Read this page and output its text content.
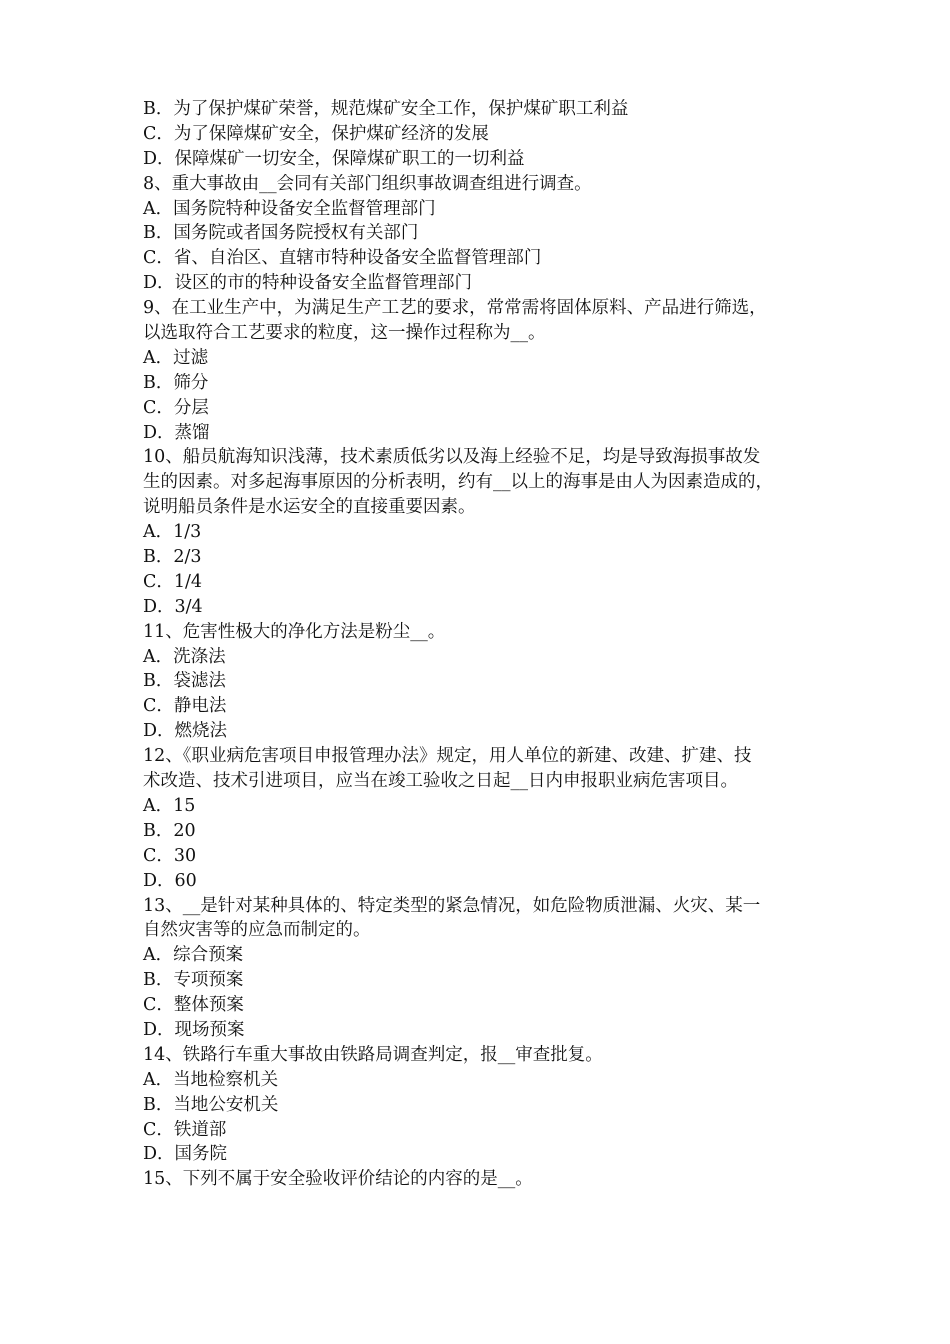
B．为了保护煤矿荣誉，规范煤矿安全工作，保护煤矿职工利益
C．为了保障煤矿安全，保护煤矿经济的发展
D．保障煤矿一切安全，保障煤矿职工的一切利益
8、重大事故由__会同有关部门组织事故调查组进行调查。
A．国务院特种设备安全监督管理部门
B．国务院或者国务院授权有关部门
C．省、自治区、直辖市特种设备安全监督管理部门
D．设区的市的特种设备安全监督管理部门
9、在工业生产中，为满足生产工艺的要求，常常需将固体原料、产品进行筛选，
以选取符合工艺要求的粒度，这一操作过程称为__。
A．过滤
B．筛分
C．分层
D．蒸馏
10、船员航海知识浅薄，技术素质低劣以及海上经验不足，均是导致海损事故发
生的因素。对多起海事原因的分析表明，约有__以上的海事是由人为因素造成的，
说明船员条件是水运安全的直接重要因素。
A．1/3
B．2/3
C．1/4
D．3/4
11、危害性极大的净化方法是粉尘__。
A．洗涤法
B．袋滤法
C．静电法
D．燃烧法
12、《职业病危害项目申报管理办法》规定，用人单位的新建、改建、扩建、技
术改造、技术引进项目，应当在竣工验收之日起__日内申报职业病危害项目。
A．15
B．20
C．30
D．60
13、__是针对某种具体的、特定类型的紧急情况，如危险物质泄漏、火灾、某一
自然灾害等的应急而制定的。
A．综合预案
B．专项预案
C．整体预案
D．现场预案
14、铁路行车重大事故由铁路局调查判定，报__审查批复。
A．当地检察机关
B．当地公安机关
C．铁道部
D．国务院
15、下列不属于安全验收评价结论的内容的是__。
